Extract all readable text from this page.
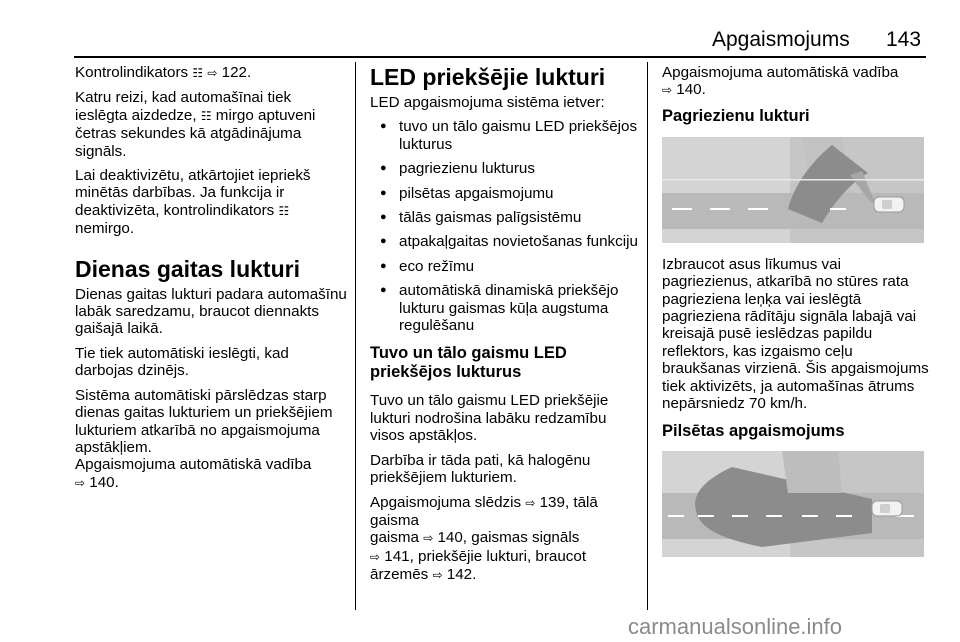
Apgaismojums 143

Kontrolindikators ☷ ⇨ 122.

Katru reizi, kad automašīnai tiek ieslēgta aizdedze, ☷ mirgo aptuveni četras sekundes kā atgādinājuma signāls.

Lai deaktivizētu, atkārtojiet iepriekš minētās darbības. Ja funkcija ir deaktivizēta, kontrolindikators ☷
nemirgo.

Dienas gaitas lukturi

Dienas gaitas lukturi padara automašīnu labāk saredzamu, braucot diennakts gaišajā laikā.

Tie tiek automātiski ieslēgti, kad darbojas dzinējs.

Sistēma automātiski pārslēdzas starp dienas gaitas lukturiem un priekšējiem lukturiem atkarībā no apgaismojuma apstākļiem.

Apgaismojuma automātiskā vadība
⇨ 140.

LED priekšējie lukturi

LED apgaismojuma sistēma ietver:

● tuvo un tālo gaismu LED priekšējos lukturus
● pagriezienu lukturus
● pilsētas apgaismojumu
● tālās gaismas palīgsistēmu
● atpakaļgaitas novietošanas funkciju
● eco režīmu
● automātiskā dinamiskā priekšējo lukturu gaismas kūļa augstuma regulēšanu
Tuvo un tālo gaismu LED priekšējos lukturus

Tuvo un tālo gaismu LED priekšējie lukturi nodrošina labāku redzamību visos apstākļos.

Darbība ir tāda pati, kā halogēnu priekšējiem lukturiem.

Apgaismojuma slēdzis ⇨ 139, tālā gaisma
gaisma ⇨ 140, gaismas signāls
⇨ 141, priekšējie lukturi, braucot ārzemēs ⇨ 142.

Apgaismojuma automātiskā vadība
⇨ 140.

Pagriezienu lukturi

Izbraucot asus līkumus vai pagriezienus, atkarībā no stūres rata pagrieziena leņķa vai ieslēgtā pagrieziena rādītāju signāla labajā vai kreisajā pusē ieslēdzas papildu reflektors, kas izgaismo ceļu braukšanas virzienā. Šis apgaismojums tiek aktivizēts, ja automašīnas ātrums nepārsniedz 70 km/h.

Pilsētas apgaismojums
carmanualsonline.info
